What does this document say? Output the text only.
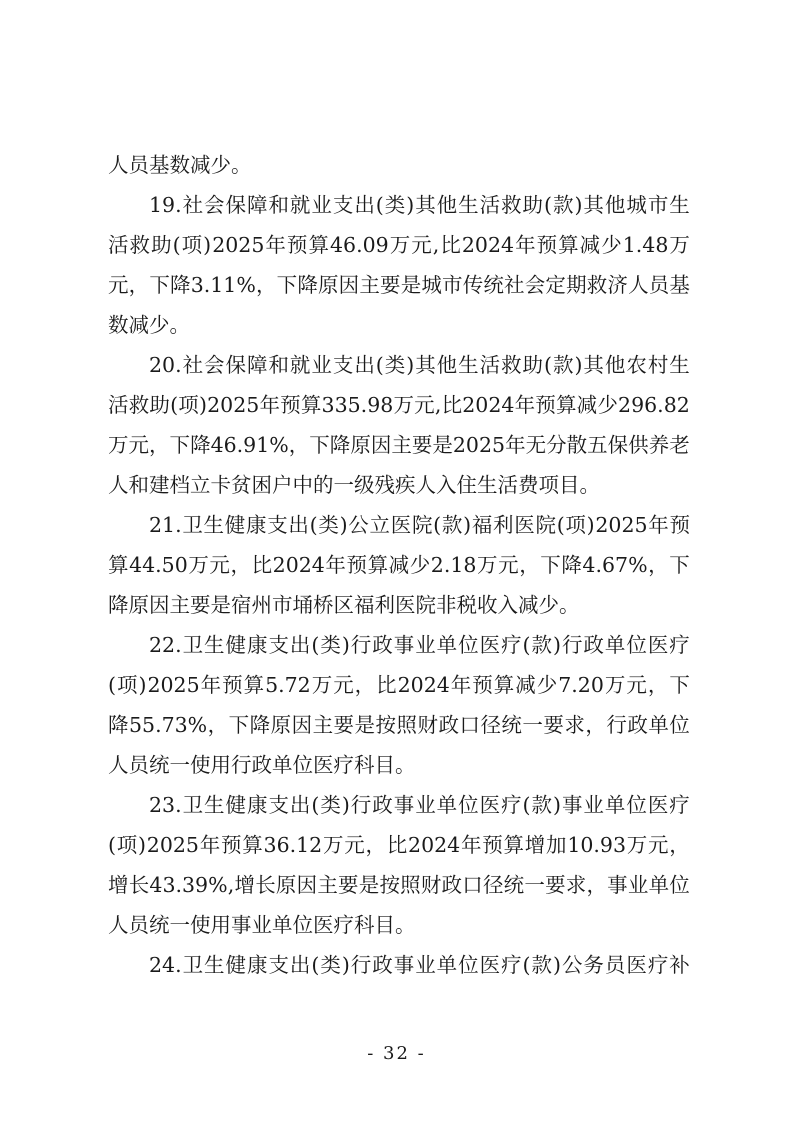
人员基数减少。
19. 社 会 保 障 和 就 业 支 出 ( 类 ) 其 他 生 活 救 助 ( 款 ) 其 他 城 市 生
活 救 助 ( 项 ) 2025 年 预 算 46.09 万 元 , 比 2024 年 预 算 减 少 1.48 万
元 ， 下 降 3.11% ， 下 降 原 因 主 要 是 城 市 传 统 社 会 定 期 救 济 人 员 基
数减少。
20. 社 会 保 障 和 就 业 支 出 ( 类 ) 其 他 生 活 救 助 ( 款 ) 其 他 农 村 生
活 救 助 ( 项 ) 2025 年 预 算 335.98 万 元 , 比 2024 年 预 算 减 少 296.82
万 元 ， 下 降 46.91% ， 下 降 原 因 主 要 是 2025 年 无 分 散 五 保 供 养 老
人和建档立卡贫困户中的一级残疾人入住生活费项目。
21. 卫 生 健 康 支 出 ( 类 ) 公 立 医 院 ( 款 ) 福 利 医 院 ( 项 ) 2025 年 预
算 44.50 万 元 ， 比 2024 年 预 算 减 少 2.18 万 元 ， 下 降 4.67% ， 下
降原因主要是宿州市埇桥区福利医院非税收入减少。
22. 卫 生 健 康 支 出 ( 类 ) 行 政 事 业 单 位 医 疗 ( 款 ) 行 政 单 位 医 疗
( 项 ) 2025 年 预 算 5.72 万 元 ， 比 2024 年 预 算 减 少 7.20 万 元 ， 下
降 55.73% ， 下 降 原 因 主 要 是 按 照 财 政 口 径 统 一 要 求 ， 行 政 单 位
人员统一使用行政单位医疗科目。
23. 卫 生 健 康 支 出 ( 类 ) 行 政 事 业 单 位 医 疗 ( 款 ) 事 业 单 位 医 疗
( 项 ) 2025 年 预 算 36.12 万 元 ， 比 2024 年 预 算 增 加 10.93 万 元 ，
增 长 43.39% , 增 长 原 因 主 要 是 按 照 财 政 口 径 统 一 要 求 ， 事 业 单 位
人员统一使用事业单位医疗科目。
24. 卫 生 健 康 支 出 ( 类 ) 行 政 事 业 单 位 医 疗 ( 款 ) 公 务 员 医 疗 补
- 32 -
